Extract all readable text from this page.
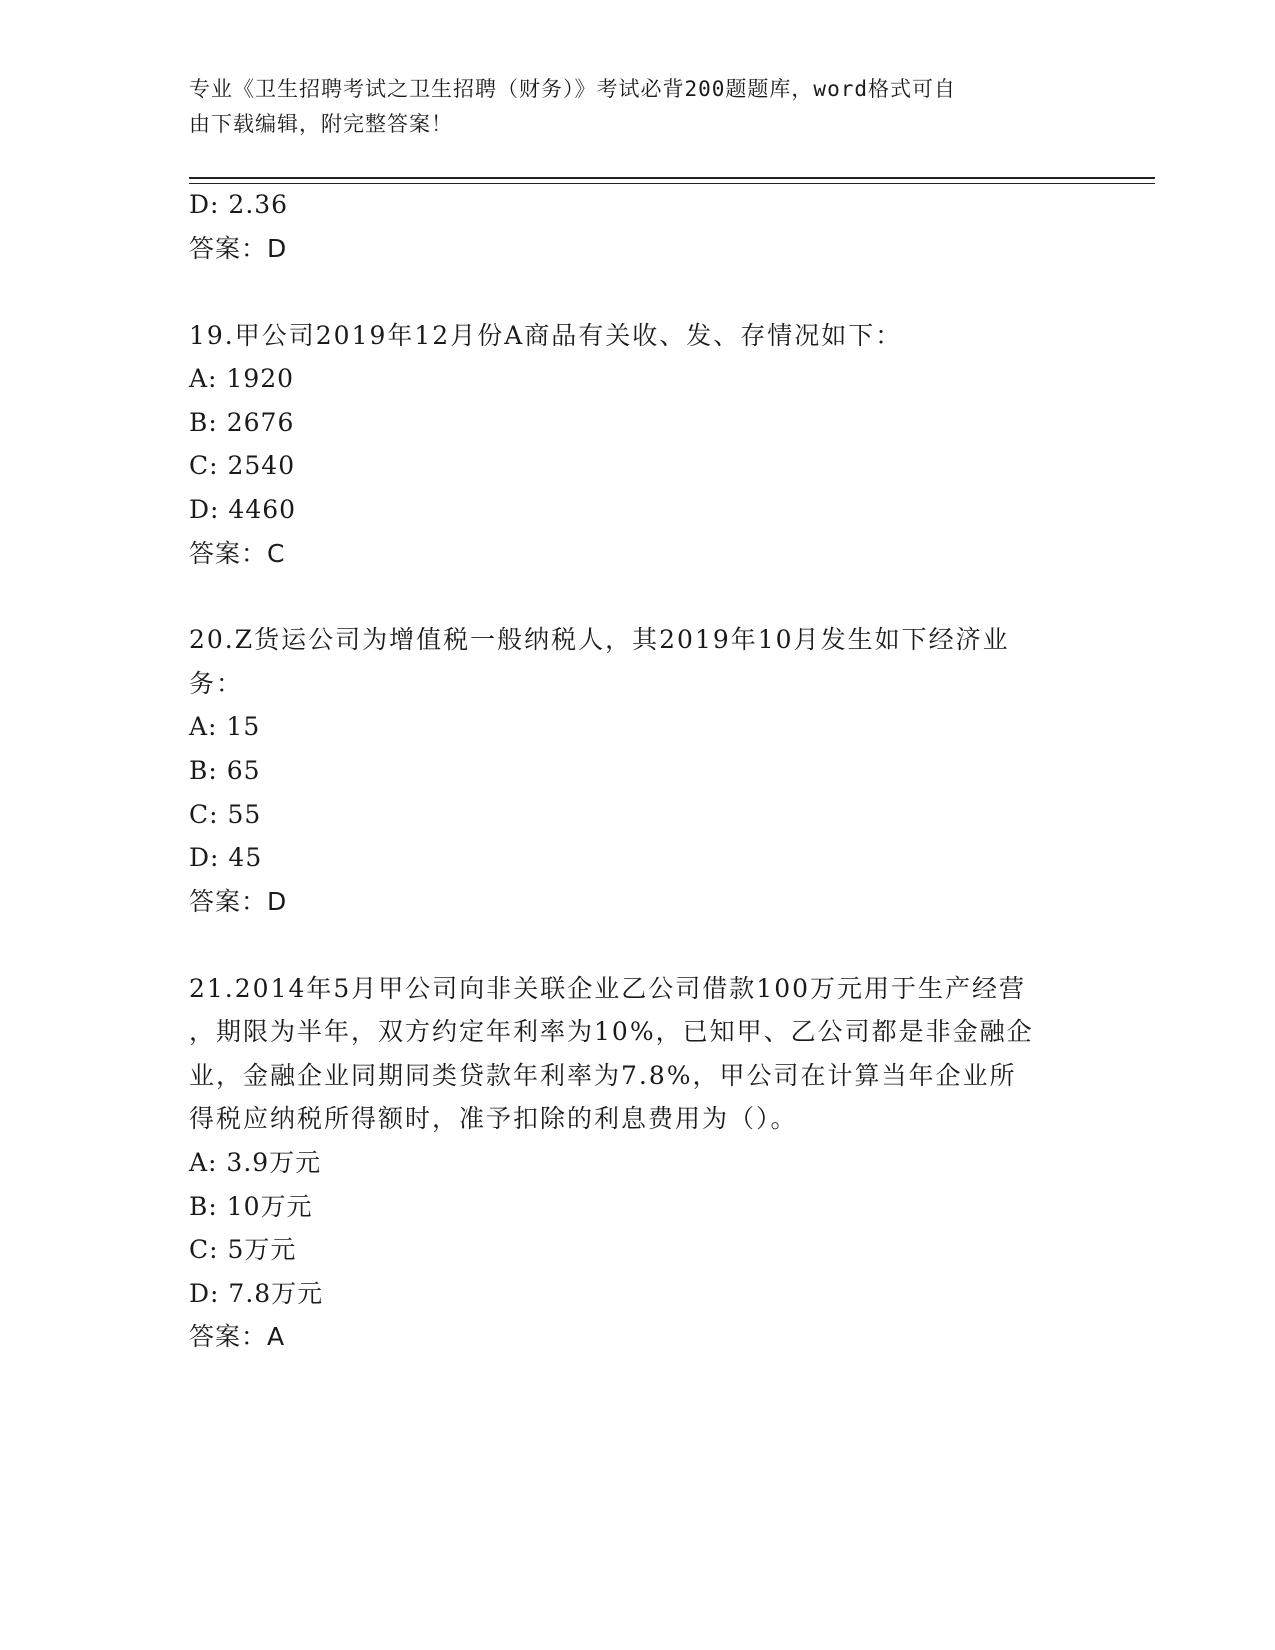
专业《卫生招聘考试之卫生招聘（财务）》考试必背200题题库，word格式可自
由下载编辑，附完整答案！
D: 2.36
答案：D
19.甲公司2019年12月份A商品有关收、发、存情况如下：
A: 1920
B: 2676
C: 2540
D: 4460
答案：C
20.Z货运公司为增值税一般纳税人，其2019年10月发生如下经济业
务：
A: 15
B: 65
C: 55
D: 45
答案：D
21.2014年5月甲公司向非关联企业乙公司借款100万元用于生产经营
，期限为半年，双方约定年利率为10%，已知甲、乙公司都是非金融企
业，金融企业同期同类贷款年利率为7.8%，甲公司在计算当年企业所
得税应纳税所得额时，准予扣除的利息费用为（）。
A: 3.9万元
B: 10万元
C: 5万元
D: 7.8万元
答案：A
